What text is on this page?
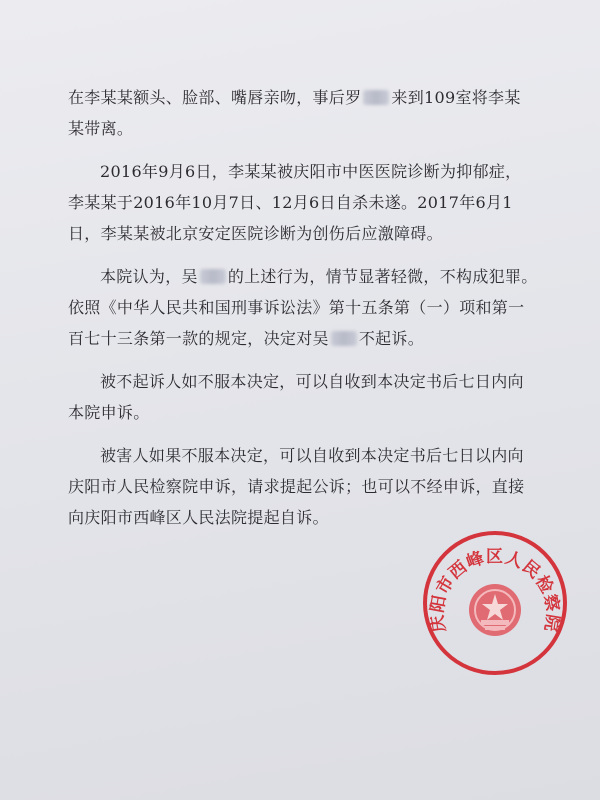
在李某某额头、脸部、嘴唇亲吻，事后罗 来到109室将李某
某带离。
2016年9月6日，李某某被庆阳市中医医院诊断为抑郁症，
李某某于2016年10月7日、12月6日自杀未遂。2017年6月1
日，李某某被北京安定医院诊断为创伤后应激障碍。
本院认为，吴 的上述行为，情节显著轻微，不构成犯罪。
依照《中华人民共和国刑事诉讼法》第十五条第（一）项和第一
百七十三条第一款的规定，决定对吴 不起诉。
被不起诉人如不服本决定，可以自收到本决定书后七日内向
本院申诉。
被害人如果不服本决定，可以自收到本决定书后七日以内向
庆阳市人民检察院申诉，请求提起公诉；也可以不经申诉，直接
向庆阳市西峰区人民法院提起自诉。
庆阳市西峰区人民检察院
